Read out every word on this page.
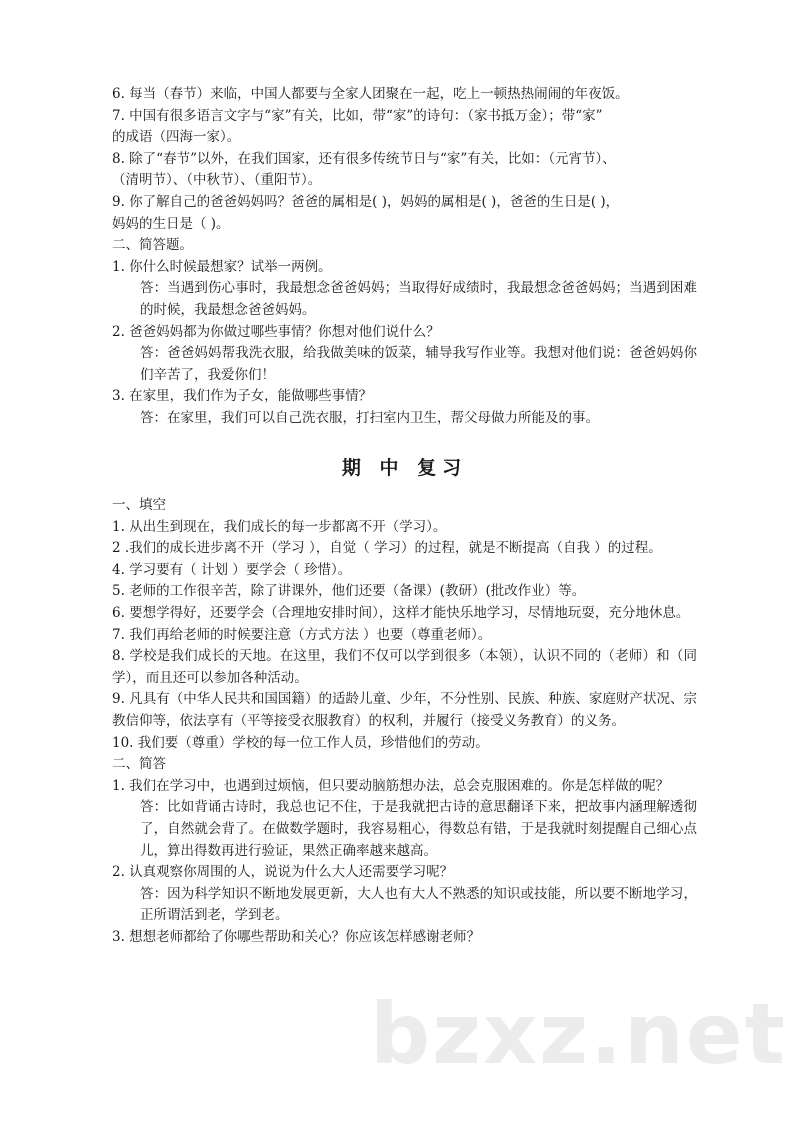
6. 每当（春节）来临，中国人都要与全家人团聚在一起，吃上一顿热热闹闹的年夜饭。
7. 中国有很多语言文字与“家”有关，比如，带“家”的诗句：（家书抵万金）；带“家”
的成语（四海一家）。
8. 除了“春节”以外，在我们国家，还有很多传统节日与“家”有关，比如：（元宵节）、
（清明节）、（中秋节）、（重阳节）。
9. 你了解自己的爸爸妈妈吗？爸爸的属相是( )，妈妈的属相是( )，爸爸的生日是( )，
妈妈的生日是（ )。
二、简答题。
1. 你什么时候最想家？试举一两例。
答：当遇到伤心事时，我最想念爸爸妈妈；当取得好成绩时，我最想念爸爸妈妈；当遇到困难的时候，我最想念爸爸妈妈。
2. 爸爸妈妈都为你做过哪些事情？你想对他们说什么？
答：爸爸妈妈帮我洗衣服，给我做美味的饭菜，辅导我写作业等。我想对他们说：爸爸妈妈你们辛苦了，我爱你们！
3. 在家里，我们作为子女，能做哪些事情？
答：在家里，我们可以自己洗衣服，打扫室内卫生，帮父母做力所能及的事。
期 中 复习
一、填空
1. 从出生到现在，我们成长的每一步都离不开（学习）。
2 .我们的成长进步离不开（学习 ），自觉（ 学习）的过程，就是不断提高（自我 ）的过程。
4. 学习要有（ 计划 ）要学会（ 珍惜）。
5. 老师的工作很辛苦，除了讲课外，他们还要（备课）(教研）(批改作业）等。
6. 要想学得好，还要学会（合理地安排时间），这样才能快乐地学习，尽情地玩耍，充分地休息。
7. 我们再给老师的时候要注意（方式方法 ）也要（尊重老师）。
8. 学校是我们成长的天地。在这里，我们不仅可以学到很多（本领），认识不同的（老师）和（同学），而且还可以参加各种活动。
9. 凡具有（中华人民共和国国籍）的适龄儿童、少年，不分性别、民族、种族、家庭财产状况、宗教信仰等，依法享有（平等接受衣服教育）的权利，并履行（接受义务教育）的义务。
10. 我们要（尊重）学校的每一位工作人员，珍惜他们的劳动。
二、简答
1. 我们在学习中，也遇到过烦恼，但只要动脑筋想办法，总会克服困难的。你是怎样做的呢？
答：比如背诵古诗时，我总也记不住，于是我就把古诗的意思翻译下来，把故事内涵理解透彻了，自然就会背了。在做数学题时，我容易粗心，得数总有错，于是我就时刻提醒自己细心点儿，算出得数再进行验证，果然正确率越来越高。
2. 认真观察你周围的人，说说为什么大人还需要学习呢？
答：因为科学知识不断地发展更新，大人也有大人不熟悉的知识或技能，所以要不断地学习，正所谓活到老，学到老。
3. 想想老师都给了你哪些帮助和关心？你应该怎样感谢老师？
bzxz.net
